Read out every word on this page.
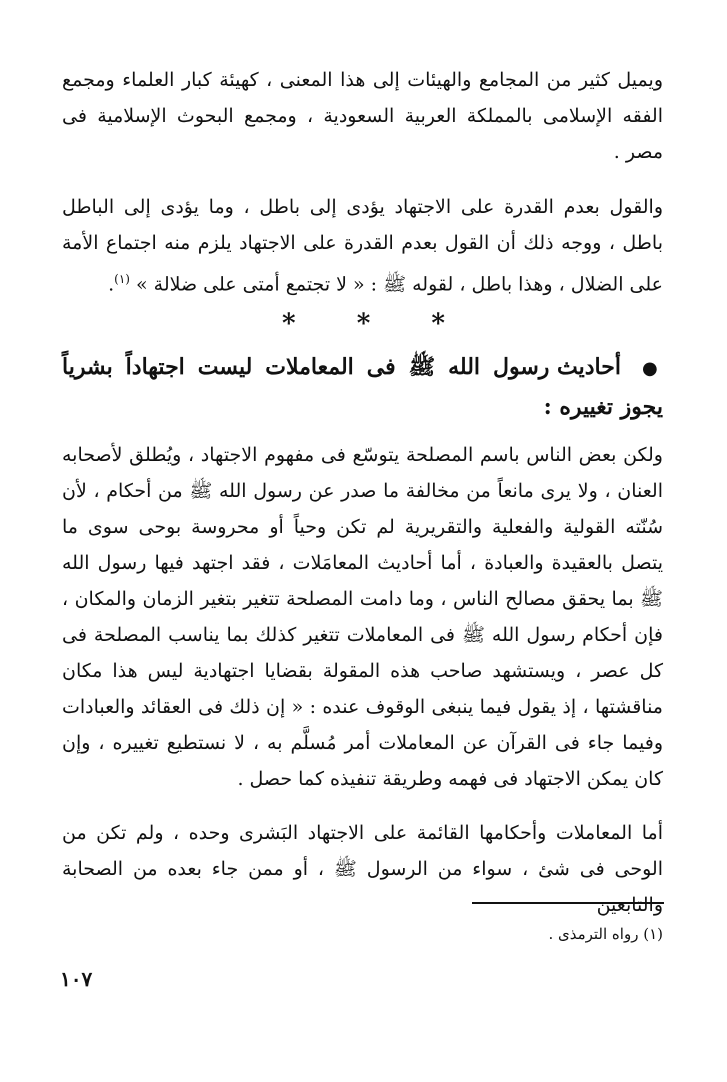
ويميل كثير من المجامع والهيئات إلى هذا المعنى ، كهيئة كبار العلماء ومجمع الفقه الإسلامى بالمملكة العربية السعودية ، ومجمع البحوث الإسلامية فى مصر .

والقول بعدم القدرة على الاجتهاد يؤدى إلى باطل ، وما يؤدى إلى الباطل باطل ، ووجه ذلك أن القول بعدم القدرة على الاجتهاد يلزم منه اجتماع الأمة على الضلال ، وهذا باطل ، لقوله ﷺ : « لا تجتمع أمتى على ضلالة » $^{(١)}$.

* * *
● أحاديث رسول الله ﷺ فى المعاملات ليست اجتهاداً بشرياً يجوز تغييره :

ولكن بعض الناس باسم المصلحة يتوسّع فى مفهوم الاجتهاد ، ويُطلق لأصحابه العنان ، ولا يرى مانعاً من مخالفة ما صدر عن رسول الله ﷺ من أحكام ، لأن سُنّته القولية والفعلية والتقريرية لم تكن وحياً أو محروسة بوحى سوى ما يتصل بالعقيدة والعبادة ، أما أحاديث المعامَلات ، فقد اجتهد فيها رسول الله ﷺ بما يحقق مصالح الناس ، وما دامت المصلحة تتغير بتغير الزمان والمكان ، فإن أحكام رسول الله ﷺ فى المعاملات تتغير كذلك بما يناسب المصلحة فى كل عصر ، ويستشهد صاحب هذه المقولة بقضايا اجتهادية ليس هذا مكان مناقشتها ، إذ يقول فيما ينبغى الوقوف عنده : « إن ذلك فى العقائد والعبادات وفيما جاء فى القرآن عن المعاملات أمر مُسلَّم به ، لا نستطيع تغييره ، وإن كان يمكن الاجتهاد فى فهمه وطريقة تنفيذه كما حصل .

أما المعاملات وأحكامها القائمة على الاجتهاد البَشرى وحده ، ولم تكن من الوحى فى شئ ، سواء من الرسول ﷺ ، أو ممن جاء بعده من الصحابة والتابعين

(١) رواه الترمذى .
١٠٧
